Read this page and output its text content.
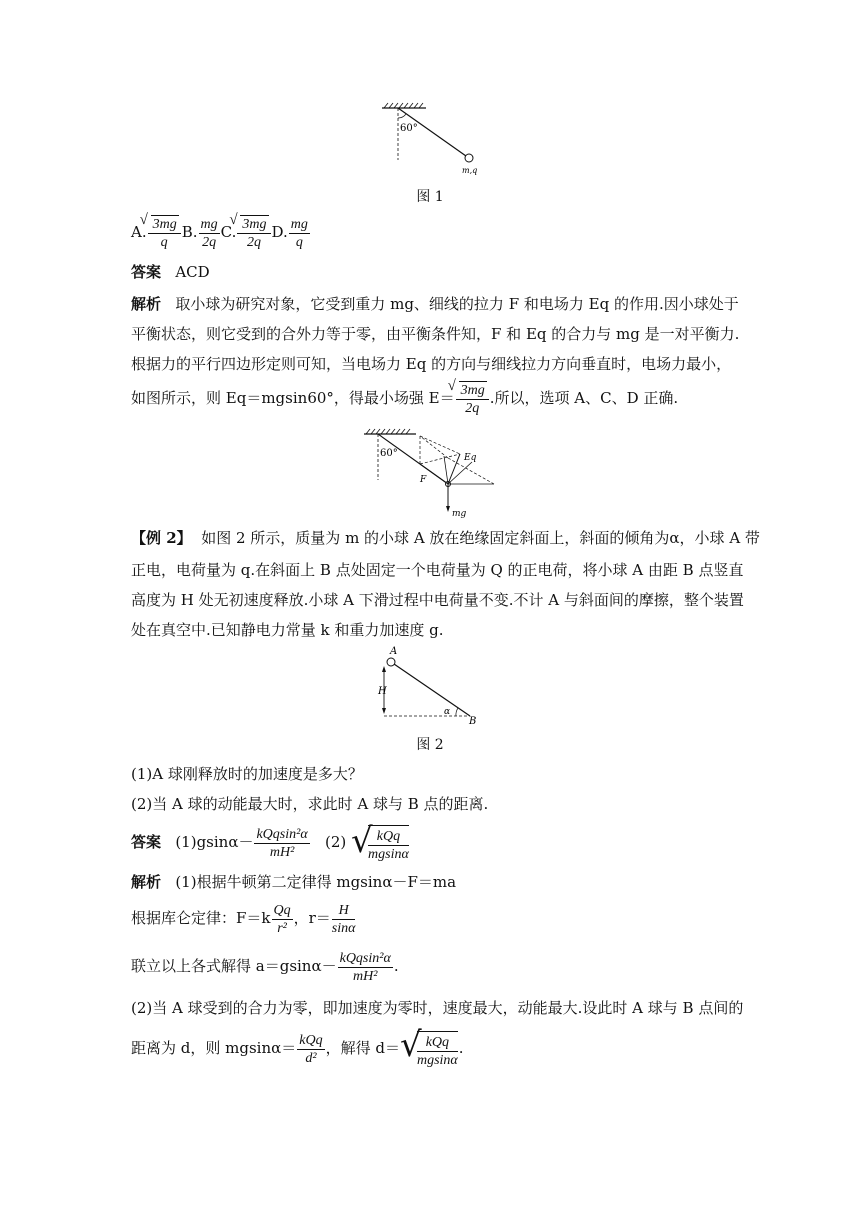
60°
m,q
图 1
A. √ $\frac{3mg}{q} B$. $\frac{mg}{2q} C$. √ $\frac{3mg}{2q} D$. $\frac{mg}{q}$
答案 ACD
解析 取小球为研究对象，它受到重力 mg、细线的拉力 F 和电场力 Eq 的作用.因小球处于
平衡状态，则它受到的合外力等于零，由平衡条件知，F 和 Eq 的合力与 mg 是一对平衡力.
根据力的平行四边形定则可知，当电场力 Eq 的方向与细线拉力方向垂直时，电场力最小，
如图所示，则 Eq＝mgsin60°，得最小场强 E＝ √ $\frac{3mg}{2q}$ .所以，选项 A、C、D 正确.
60°	Eq
F
mg
【例 2】 如图 2 所示，质量为 m 的小球 A 放在绝缘固定斜面上，斜面的倾角为α，小球 A 带
正电，电荷量为 q.在斜面上 B 点处固定一个电荷量为 Q 的正电荷，将小球 A 由距 B 点竖直
高度为 H 处无初速度释放.小球 A 下滑过程中电荷量不变.不计 A 与斜面间的摩擦，整个装置
处在真空中.已知静电力常量 k 和重力加速度 g.
A
H
α
B
图 2
(1)A 球刚释放时的加速度是多大？
(2)当 A 球的动能最大时，求此时 A 球与 B 点的距离.
答案 $(1)gsin\alpha- \frac{\text{kQqsin²α}}{\text{mH²}} (2)$ √
$\frac{\text{kQq}}{mgsin\alpha}$
解析 (1)根据牛顿第二定律得 mgsinα－F＝ma
根据库仑定律：$F=k \frac{Qq}{\text{r²}}$ ，$r= \frac{H}{\sin\alpha}$
联立以上各式解得 $a=gsin\alpha- \frac{\text{kQqsin²α}}{\text{mH²}}$ .
(2)当 A 球受到的合力为零，即加速度为零时，速度最大，动能最大.设此时 A 球与 B 点间的
距离为 d，则 $mgsin\alpha= \frac{\text{kQq}}{\text{d²}}$ ，解得 d＝ √
$\frac{\text{kQq}}{mgsin\alpha}$ .
